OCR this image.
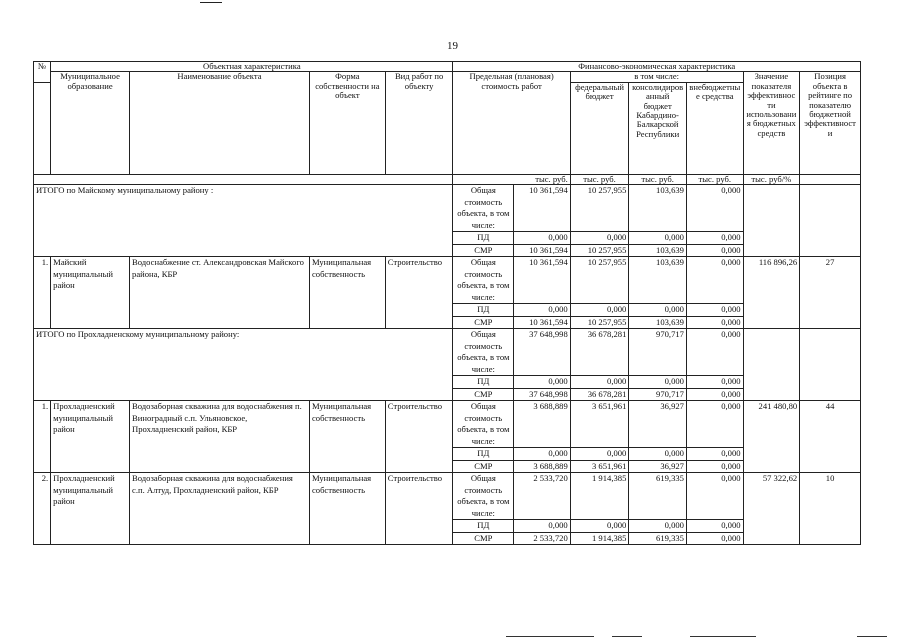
19
№	Объектная характеристика				Финансово-экономическая характеристика						
	Муниципальное образование	Наименование объекта	Форма собственности на объект	Вид работ по объекту	Предельная (плановая) стоимость работ		в том числе:			Значение показателя эффективности использования бюджетных средств	Позиция объекта в рейтинге по показателю бюджетной эффективности
							федеральный бюджет	консолидированный бюджет Кабардино-Балкарской Республики	внебюджетные средства		
					тыс. руб.		тыс. руб.	тыс. руб.	тыс. руб.	тыс. руб/%	
ИТОГО по Майскому муниципальному району :					Общая стоимость объекта, в том числе:	10 361,594	10 257,955	103,639	0,000		
					ПД	0,000	0,000	0,000	0,000		
					СМР	10 361,594	10 257,955	103,639	0,000		
1.	Майский муниципальный район	Водоснабжение ст. Александровская Майского района, КБР	Муниципальная собственность	Строительство	Общая стоимость объекта, в том числе:	10 361,594	10 257,955	103,639	0,000	116 896,26	27
					ПД	0,000	0,000	0,000	0,000		
					СМР	10 361,594	10 257,955	103,639	0,000		
ИТОГО по Прохладненскому муниципальному району:					Общая стоимость объекта, в том числе:	37 648,998	36 678,281	970,717	0,000		
					ПД	0,000	0,000	0,000	0,000		
					СМР	37 648,998	36 678,281	970,717	0,000		
1.	Прохладненский муниципальный район	Водозаборная скважина для водоснабжения п. Виноградный с.п. Ульяновское, Прохладненский район, КБР	Муниципальная собственность	Строительство	Общая стоимость объекта, в том числе:	3 688,889	3 651,961	36,927	0,000	241 480,80	44
					ПД	0,000	0,000	0,000	0,000		
					СМР	3 688,889	3 651,961	36,927	0,000		
2.	Прохладненский муниципальный район	Водозаборная скважина для водоснабжения с.п. Алтуд, Прохладненский район, КБР	Муниципальная собственность	Строительство	Общая стоимость объекта, в том числе:	2 533,720	1 914,385	619,335	0,000	57 322,62	10
					ПД	0,000	0,000	0,000	0,000		
					СМР	2 533,720	1 914,385	619,335	0,000		
